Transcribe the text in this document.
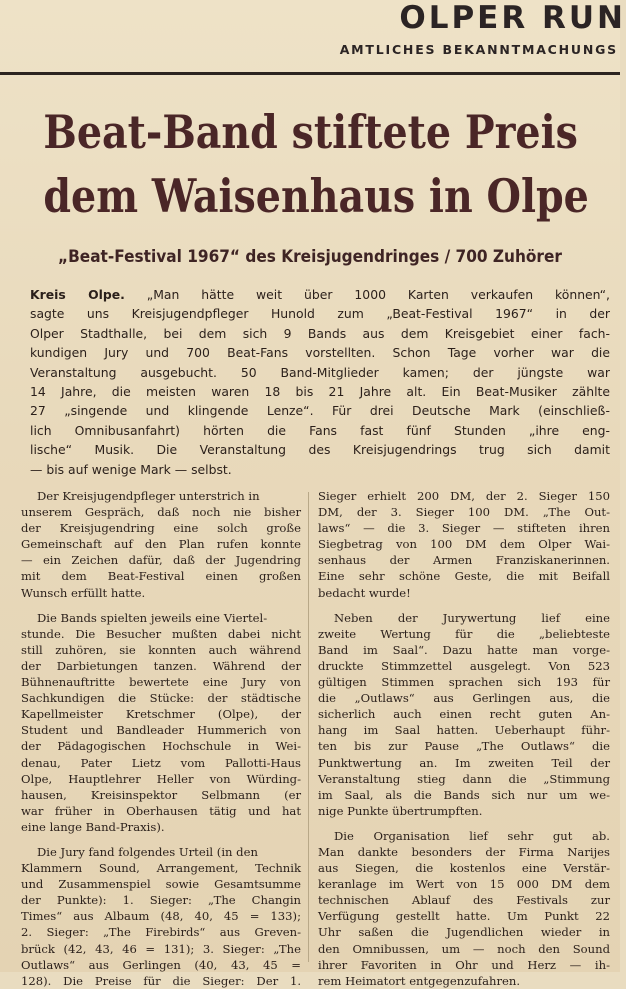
OLPER RUN
AMTLICHES BEKANNTMACHUNGS
Beat-Band stiftete Preis
dem Waisenhaus in Olpe
„Beat-Festival 1967“ des Kreisjugendringes / 700 Zuhörer
Kreis Olpe. „Man hätte weit über 1000 Karten verkaufen können“,
sagte uns Kreisjugendpfleger Hunold zum „Beat-Festival 1967“ in der
Olper Stadthalle, bei dem sich 9 Bands aus dem Kreisgebiet einer fach-
kundigen Jury und 700 Beat-Fans vorstellten. Schon Tage vorher war die
Veranstaltung ausgebucht. 50 Band-Mitglieder kamen; der jüngste war
14 Jahre, die meisten waren 18 bis 21 Jahre alt. Ein Beat-Musiker zählte
27 „singende und klingende Lenze“. Für drei Deutsche Mark (einschließ-
lich Omnibusanfahrt) hörten die Fans fast fünf Stunden „ihre eng-
lische“ Musik. Die Veranstaltung des Kreisjugendrings trug sich damit
— bis auf wenige Mark — selbst.
Der Kreisjugendpfleger unterstrich in
unserem Gespräch, daß noch nie bisher
der Kreisjugendring eine solch große
Gemeinschaft auf den Plan rufen konnte
— ein Zeichen dafür, daß der Jugendring
mit dem Beat-Festival einen großen
Wunsch erfüllt hatte.
Die Bands spielten jeweils eine Viertel-
stunde. Die Besucher mußten dabei nicht
still zuhören, sie konnten auch während
der Darbietungen tanzen. Während der
Bühnenauftritte bewertete eine Jury von
Sachkundigen die Stücke: der städtische
Kapellmeister Kretschmer (Olpe), der
Student und Bandleader Hummerich von
der Pädagogischen Hochschule in Wei-
denau, Pater Lietz vom Pallotti-Haus
Olpe, Hauptlehrer Heller von Würding-
hausen, Kreisinspektor Selbmann (er
war früher in Oberhausen tätig und hat
eine lange Band-Praxis).
Die Jury fand folgendes Urteil (in den
Klammern Sound, Arrangement, Technik
und Zusammenspiel sowie Gesamtsumme
der Punkte): 1. Sieger: „The Changin
Times“ aus Albaum (48, 40, 45 = 133);
2. Sieger: „The Firebirds“ aus Greven-
brück (42, 43, 46 = 131); 3. Sieger: „The
Outlaws“ aus Gerlingen (40, 43, 45 =
128). Die Preise für die Sieger: Der 1.
Sieger erhielt 200 DM, der 2. Sieger 150
DM, der 3. Sieger 100 DM. „The Out-
laws“ — die 3. Sieger — stifteten ihren
Siegbetrag von 100 DM dem Olper Wai-
senhaus der Armen Franziskanerinnen.
Eine sehr schöne Geste, die mit Beifall
bedacht wurde!
Neben der Jurywertung lief eine
zweite Wertung für die „beliebteste
Band im Saal“. Dazu hatte man vorge-
druckte Stimmzettel ausgelegt. Von 523
gültigen Stimmen sprachen sich 193 für
die „Outlaws“ aus Gerlingen aus, die
sicherlich auch einen recht guten An-
hang im Saal hatten. Ueberhaupt führ-
ten bis zur Pause „The Outlaws“ die
Punktwertung an. Im zweiten Teil der
Veranstaltung stieg dann die „Stimmung
im Saal, als die Bands sich nur um we-
nige Punkte übertrumpften.
Die Organisation lief sehr gut ab.
Man dankte besonders der Firma Narijes
aus Siegen, die kostenlos eine Verstär-
keranlage im Wert von 15 000 DM dem
technischen Ablauf des Festivals zur
Verfügung gestellt hatte. Um Punkt 22
Uhr saßen die Jugendlichen wieder in
den Omnibussen, um — noch den Sound
ihrer Favoriten in Ohr und Herz — ih-
rem Heimatort entgegenzufahren.
